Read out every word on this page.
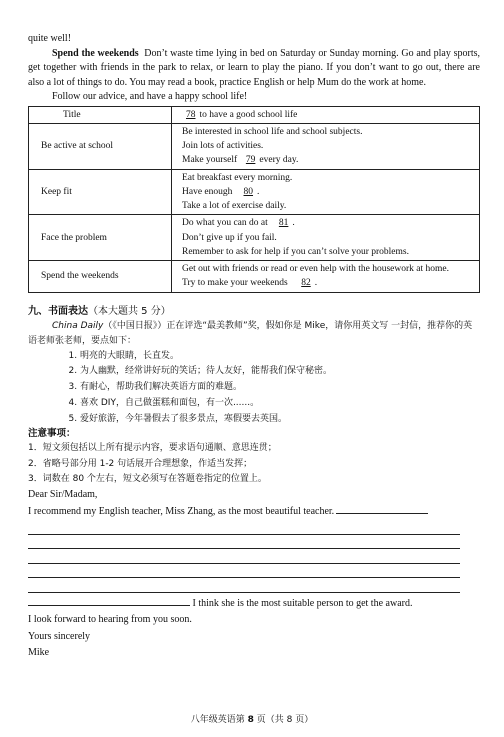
quite well!

Spend the weekends Don’t waste time lying in bed on Saturday or Sunday morning. Go and play sports, get together with friends in the park to relax, or learn to play the piano. If you don’t want to go out, there are also a lot of things to do. You may read a book, practice English or help Mum do the work at home.

Follow our advice, and have a happy school life!

Title	78 to have a good school life
Be active at school	Be interested in school life and school subjects.
Join lots of activities.
Make yourself 79 every day.

Keep fit	Eat breakfast every morning.
Have enough 80 .
Take a lot of exercise daily.

Face the problem	Do what you can do at 81 .
Don’t give up if you fail.
Remember to ask for help if you can’t solve your problems.

Spend the weekends	Get out with friends or read or even help with the housework at home.
Try to make your weekends 82 .

九、书面表达（本大题共 5 分）

China Daily（《中国日报》）正在评选“最美教师”奖，假如你是 Mike，请你用英文写 一封信，推荐你的英语老师张老师，要点如下：

1. 明亮的大眼睛，长直发。
2. 为人幽默，经常讲好玩的笑话；待人友好，能帮我们保守秘密。
3. 有耐心，帮助我们解决英语方面的难题。
4. 喜欢 DIY，自己做蛋糕和面包，有一次......。
5. 爱好旅游，今年暑假去了很多景点，寒假要去英国。

注意事项：

1．短文须包括以上所有提示内容，要求语句通顺、意思连贯；

2．省略号部分用 1-2 句话展开合理想象，作适当发挥；

3．词数在 80 个左右，短文必须写在答题卷指定的位置上。

Dear Sir/Madam,

I recommend my English teacher, Miss Zhang, as the most beautiful teacher.

I think she is the most suitable person to get the award.

I look forward to hearing from you soon.

Yours sincerely

Mike

八年级英语第 8 页（共 8 页）
